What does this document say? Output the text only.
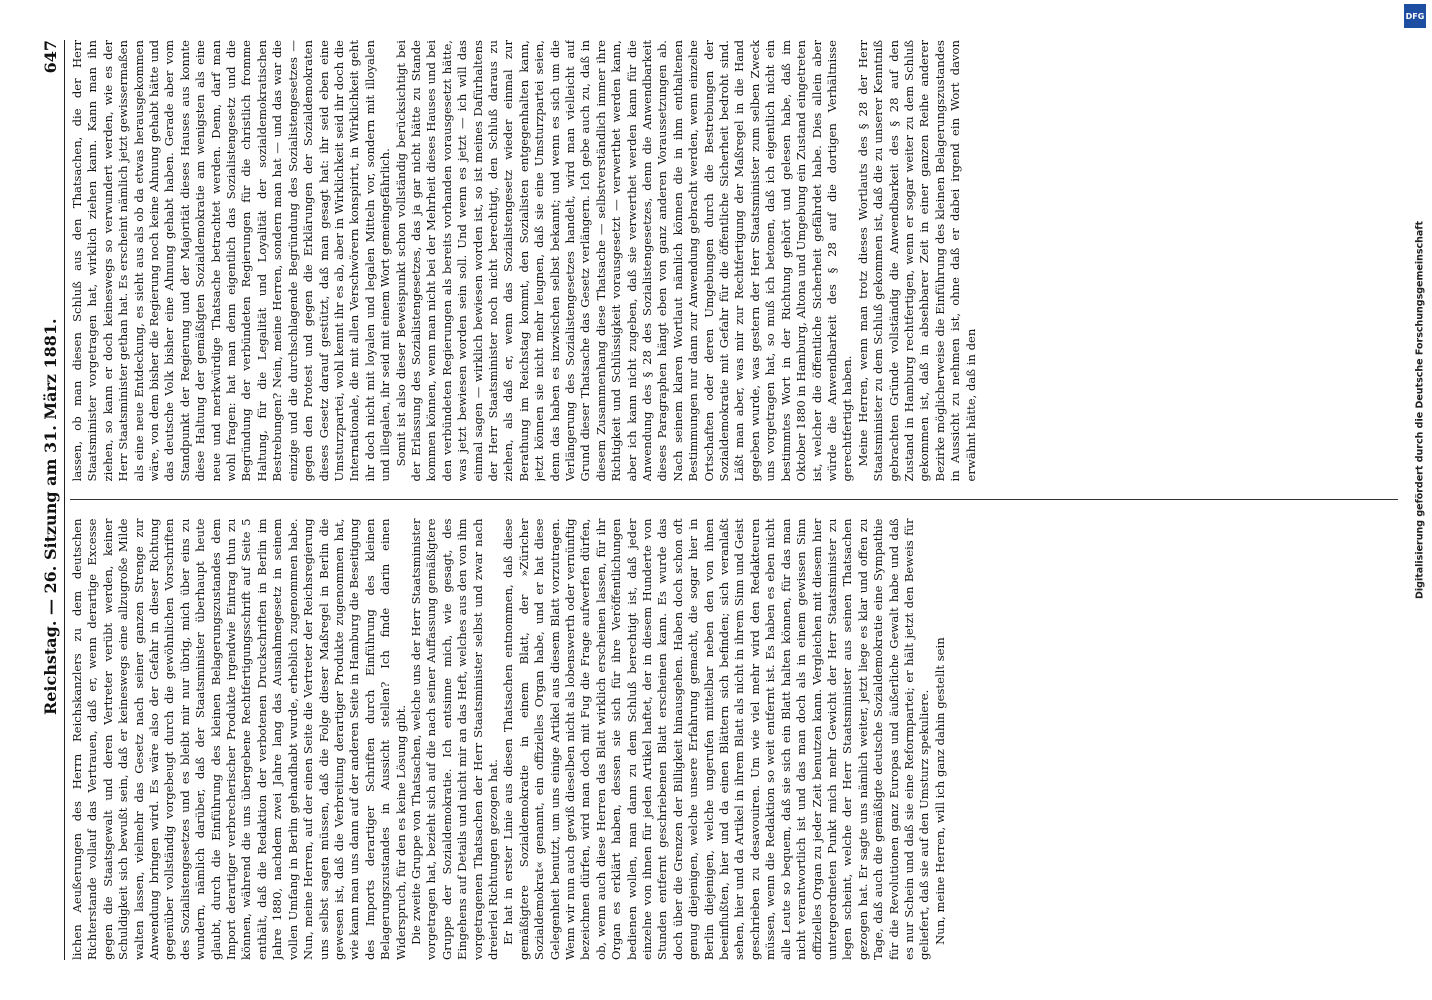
DFG
Digitalisierung gefördert durch die Deutsche Forschungsgemeinschaft
Reichstag. — 26. Sitzung am 31. März 1881.
647

lichen Aeußerungen des Herrn Reichskanzlers zu dem deutschen Richterstande vollauf das Vertrauen, daß er, wenn derartige Excesse gegen die Staatsgewalt und deren Vertreter verübt werden, keiner Schuldigkeit sich bewußt sein, daß er keineswegs eine allzugroße Milde walten lassen, vielmehr das Gesetz nach seiner ganzen Strenge zur Anwendung bringen wird. Es wäre also der Gefahr in dieser Richtung gegenüber vollständig vorgebeugt durch die gewöhnlichen Vorschriften des Sozialistengesetzes und es bleibt mir nur übrig, mich über eins zu wundern, nämlich darüber, daß der Staatsminister überhaupt heute glaubt, durch die Einführung des kleinen Belagerungszustandes dem Import derartiger verbrecherischer Produkte irgendwie Eintrag thun zu können, während die uns übergebene Rechtfertigungsschrift auf Seite 5 enthält, daß die Redaktion der verbotenen Druckschriften in Berlin im Jahre 1880, nachdem zwei Jahre lang das Ausnahmegesetz in seinem vollen Umfang in Berlin gehandhabt wurde, erheblich zugenommen habe. Nun, meine Herren, auf der einen Seite die Vertreter der Reichsregierung uns selbst sagen müssen, daß die Folge dieser Maßregel in Berlin die gewesen ist, daß die Verbreitung derartiger Produkte zugenommen hat, wie kann man uns dann auf der anderen Seite in Hamburg die Beseitigung des Imports derartiger Schriften durch Einführung des kleinen Belagerungszustandes in Aussicht stellen? Ich finde darin einen Widerspruch, für den es keine Lösung gibt. Die zweite Gruppe von Thatsachen, welche uns der Herr Staatsminister vorgetragen hat, bezieht sich auf die nach seiner Auffassung gemäßigtere Gruppe der Sozialdemokratie. Ich entsinne mich, wie gesagt, des Eingehens auf Details und nicht mir an das Heft, welches aus den von ihm vorgetragenen Thatsachen der Herr Staatsminister selbst und zwar nach dreierlei Richtungen gezogen hat. Er hat in erster Linie aus diesen Thatsachen entnommen, daß diese gemäßigtere Sozialdemokratie in einem Blatt, der »Züricher Sozialdemokrat« genannt, ein offizielles Organ habe, und er hat diese Gelegenheit benutzt, um uns einige Artikel aus diesem Blatt vorzutragen. Wenn wir nun auch gewiß dieselben nicht als lobenswerth oder vernünftig bezeichnen dürfen, wird man doch mit Fug die Frage aufwerfen dürfen, ob, wenn auch diese Herren das Blatt wirklich erscheinen lassen, für ihr Organ es erklärt haben, dessen sie sich für ihre Veröffentlichungen bedienen wollen, man dann zu dem Schluß berechtigt ist, daß jeder einzelne von ihnen für jeden Artikel haftet, der in diesem Hunderte von Stunden entfernt geschriebenen Blatt erscheinen kann. Es wurde das doch über die Grenzen der Billigkeit hinausgehen. Haben doch schon oft genug diejenigen, welche unsere Erfahrung gemacht, die sogar hier in Berlin diejenigen, welche ungerufen mittelbar neben den von ihnen beeinflußten, hier und da einen Blättern sich befinden; sich veranlaßt sehen, hier und da Artikel in ihrem Blatt als nicht in ihrem Sinn und Geist geschrieben zu desavouiren. Um wie viel mehr wird den Redakteuren müssen, wenn die Redaktion so weit entfernt ist. Es haben es eben nicht alle Leute so bequem, daß sie sich ein Blatt halten können, für das man nicht verantwortlich ist und das man doch als in einem gewissen Sinn offizielles Organ zu jeder Zeit benutzen kann. Vergleichen mit diesem hier untergeordneten Punkt mich mehr Gewicht der Herr Staatsminister zu legen scheint, welche der Herr Staatsminister aus seinen Thatsachen gezogen hat. Er sagte uns nämlich weiter, jetzt liege es klar und offen zu Tage, daß auch die gemäßigte deutsche Sozialdemokratie eine Sympathie für die Revolutionen ganz Europas und äußerliche Gewalt habe und daß es nur Schein und daß sie eine Reformpartei; er hält jetzt den Beweis für geliefert, daß sie auf den Umsturz spekuliere. Nun, meine Herren, will ich ganz dahin gestellt sein

lassen, ob man diesen Schluß aus den Thatsachen, die der Herr Staatsminister vorgetragen hat, wirklich ziehen kann. Kann man ihn ziehen, so kann er doch keineswegs so verwundert werden, wie es der Herr Staatsminister gethan hat. Es erscheint nämlich jetzt gewissermaßen als eine neue Entdeckung, es sieht aus als ob da etwas herausgekommen wäre, von dem bisher die Regierung noch keine Ahnung gehabt hätte und das deutsche Volk bisher eine Ahnung gehabt haben. Gerade aber vom Standpunkt der Regierung und der Majorität dieses Hauses aus konnte diese Haltung der gemäßigten Sozialdemokratie am wenigsten als eine neue und merkwürdige Thatsache betrachtet werden. Denn, darf man wohl fragen: hat man denn eigentlich das Sozialistengesetz und die Begründung der verbündeten Regierungen für die christlich fromme Haltung, für die Legalität und Loyalität der sozialdemokratischen Bestrebungen? Nein, meine Herren, sondern man hat — und das war die einzige und die durchschlagende Begründung des Sozialistengesetzes — gegen den Protest und gegen die Erklärungen der Sozialdemokraten dieses Gesetz darauf gestützt, daß man gesagt hat: ihr seid eben eine Umsturzpartei, wohl kennt ihr es ab, aber in Wirklichkeit seid ihr doch die Internationale, die mit allen Verschwörern konspirirt, in Wirklichkeit geht ihr doch nicht mit loyalen und legalen Mitteln vor, sondern mit illoyalen und illegalen, ihr seid mit einem Wort gemeingefährlich. Somit ist also dieser Beweispunkt schon vollständig berücksichtigt bei der Erlassung des Sozialistengesetzes, das ja gar nicht hätte zu Stande kommen können, wenn man nicht bei der Mehrheit dieses Hauses und bei den verbündeten Regierungen als bereits vorhanden vorausgesetzt hätte, was jetzt bewiesen worden sein soll. Und wenn es jetzt — ich will das einmal sagen — wirklich bewiesen worden ist, so ist meines Dafürhaltens der Herr Staatsminister noch nicht berechtigt, den Schluß daraus zu ziehen, als daß er, wenn das Sozialistengesetz wieder einmal zur Berathung im Reichstag kommt, den Sozialisten entgegenhalten kann, jetzt können sie nicht mehr leugnen, daß sie eine Umsturzpartei seien, denn das haben es inzwischen selbst bekannt; und wenn es sich um die Verlängerung des Sozialistengesetzes handelt, wird man vielleicht auf Grund dieser Thatsache das Gesetz verlängern. Ich gebe auch zu, daß in diesem Zusammenhang diese Thatsache — selbstverständlich immer ihre Richtigkeit und Schlüssigkeit vorausgesetzt — verwerthet werden kann, aber ich kann nicht zugeben, daß sie verwerthet werden kann für die Anwendung des § 28 des Sozialistengesetzes, denn die Anwendbarkeit dieses Paragraphen hängt eben von ganz anderen Voraussetzungen ab. Nach seinem klaren Wortlaut nämlich können die in ihm enthaltenen Bestimmungen nur dann zur Anwendung gebracht werden, wenn einzelne Ortschaften oder deren Umgebungen durch die Bestrebungen der Sozialdemokratie mit Gefahr für die öffentliche Sicherheit bedroht sind. Läßt man aber, was mir zur Rechtfertigung der Maßregel in die Hand gegeben wurde, was gestern der Herr Staatsminister zum selben Zweck uns vorgetragen hat, so muß ich betonen, daß ich eigentlich nicht ein bestimmtes Wort in der Richtung gehört und gelesen habe, daß im Oktober 1880 in Hamburg, Altona und Umgebung ein Zustand eingetreten ist, welcher die öffentliche Sicherheit gefährdet habe. Dies allein aber würde die Anwendbarkeit des § 28 auf die dortigen Verhältnisse gerechtfertigt haben. Meine Herren, wenn man trotz dieses Wortlauts des § 28 der Herr Staatsminister zu dem Schluß gekommen ist, daß die zu unserer Kenntniß gebrachten Gründe vollständig die Anwendbarkeit des § 28 auf den Zustand in Hamburg rechtfertigen, wenn er sogar weiter zu dem Schluß gekommen ist, daß in absehbarer Zeit in einer ganzen Reihe anderer Bezirke möglicherweise die Einführung des kleinen Belagerungszustandes in Aussicht zu nehmen ist, ohne daß er dabei irgend ein Wort davon erwähnt hätte, daß in den
